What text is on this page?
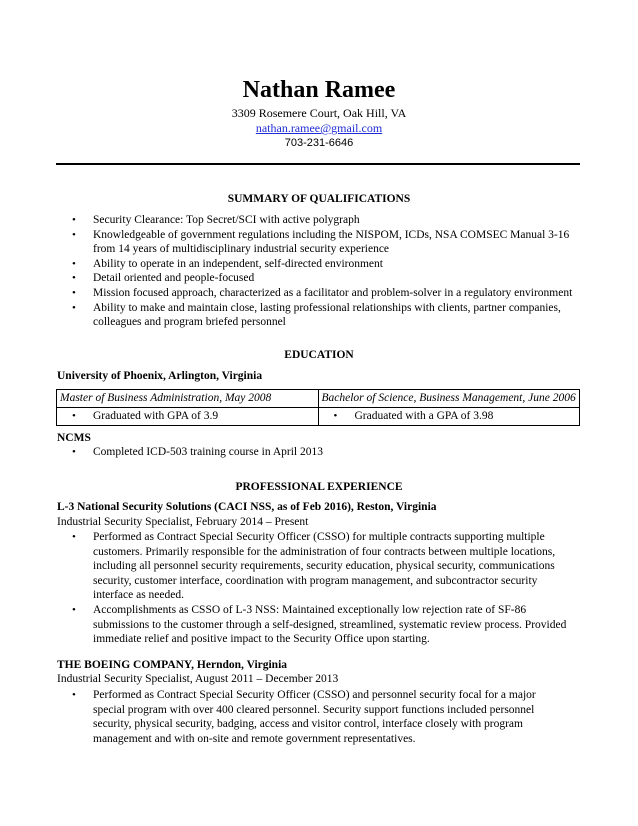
Nathan Ramee
3309 Rosemere Court, Oak Hill, VA
nathan.ramee@gmail.com
703-231-6646
SUMMARY OF QUALIFICATIONS
• Security Clearance: Top Secret/SCI with active polygraph
• Knowledgeable of government regulations including the NISPOM, ICDs, NSA COMSEC Manual 3-16 from 14 years of multidisciplinary industrial security experience
• Ability to operate in an independent, self-directed environment
• Detail oriented and people-focused
• Mission focused approach, characterized as a facilitator and problem-solver in a regulatory environment
• Ability to make and maintain close, lasting professional relationships with clients, partner companies, colleagues and program briefed personnel
EDUCATION
University of Phoenix, Arlington, Virginia
Master of Business Administration, May 2008	Bachelor of Science, Business Management, June 2006

• Graduated with GPA of 3.9	• Graduated with a GPA of 3.98
NCMS
• Completed ICD-503 training course in April 2013
PROFESSIONAL EXPERIENCE
L-3 National Security Solutions (CACI NSS, as of Feb 2016), Reston, Virginia
Industrial Security Specialist, February 2014 – Present
• Performed as Contract Special Security Officer (CSSO) for multiple contracts supporting multiple customers. Primarily responsible for the administration of four contracts between multiple locations, including all personnel security requirements, security education, physical security, communications security, customer interface, coordination with program management, and subcontractor security interface as needed.
• Accomplishments as CSSO of L-3 NSS: Maintained exceptionally low rejection rate of SF-86 submissions to the customer through a self-designed, streamlined, systematic review process. Provided immediate relief and positive impact to the Security Office upon starting.
THE BOEING COMPANY, Herndon, Virginia
Industrial Security Specialist, August 2011 – December 2013
• Performed as Contract Special Security Officer (CSSO) and personnel security focal for a major special program with over 400 cleared personnel. Security support functions included personnel security, physical security, badging, access and visitor control, interface closely with program management and with on-site and remote government representatives.
